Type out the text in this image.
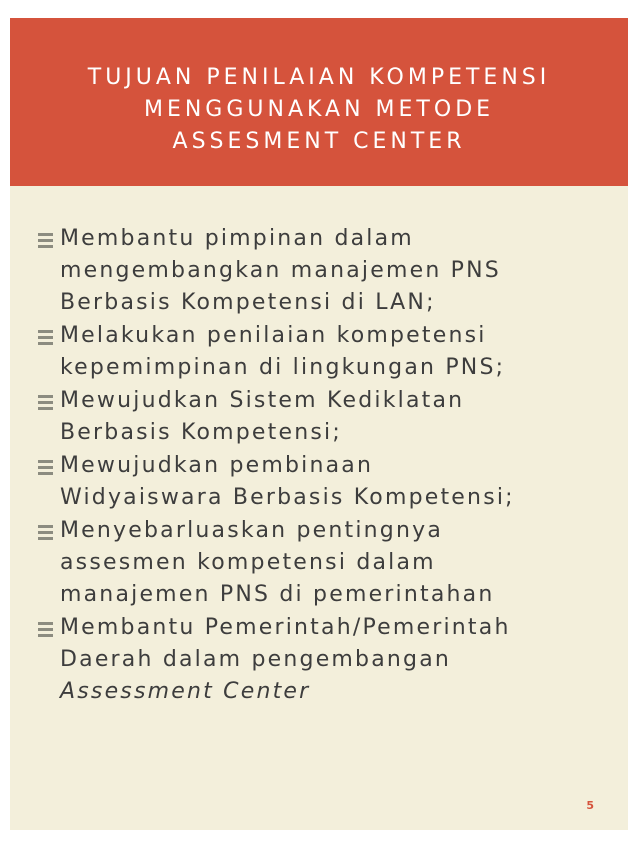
TUJUAN PENILAIAN KOMPETENSI
MENGGUNAKAN METODE
ASSESMENT CENTER
Membantu pimpinan dalam
mengembangkan manajemen PNS
Berbasis Kompetensi di LAN;
Melakukan penilaian kompetensi
kepemimpinan di lingkungan PNS;
Mewujudkan Sistem Kediklatan
Berbasis Kompetensi;
Mewujudkan pembinaan
Widyaiswara Berbasis Kompetensi;
Menyebarluaskan pentingnya
assesmen kompetensi dalam
manajemen PNS di pemerintahan
Membantu Pemerintah/Pemerintah
Daerah dalam pengembangan
Assessment Center
5
